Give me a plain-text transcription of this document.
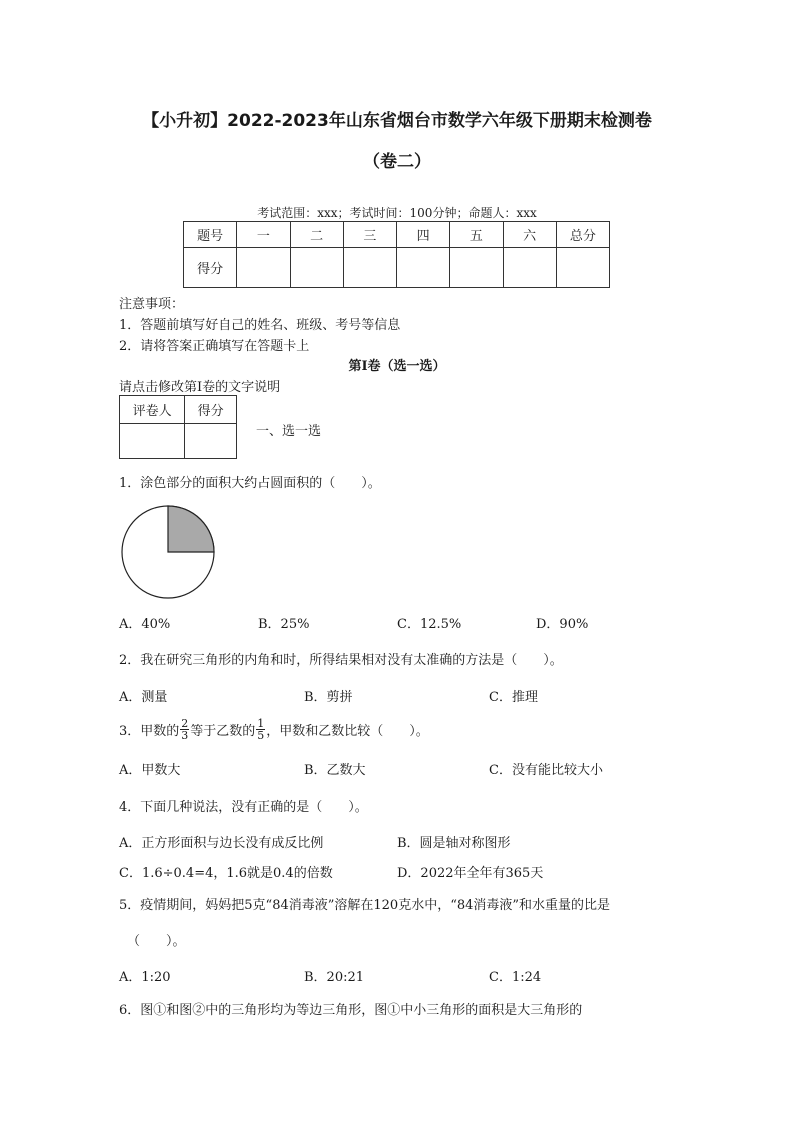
【小升初】2022-2023年山东省烟台市数学六年级下册期末检测卷
（卷二）
考试范围：xxx；考试时间：100分钟；命题人：xxx
题号	一	二	三	四	五	六	总分
得分							
注意事项：
1．答题前填写好自己的姓名、班级、考号等信息
2．请将答案正确填写在答题卡上
第I卷（选一选）
请点击修改第I卷的文字说明
评卷人	得分

一、选一选
1．涂色部分的面积大约占圆面积的（　　）。
A．40%	B．25%	C．12.5%	D．90%
2．我在研究三角形的内角和时，所得结果相对没有太准确的方法是（　　）。
A．测量	B．剪拼	C．推理
3．甲数的 $\frac{2}{3}$ 等于乙数的 $\frac{1}{5}$ ，甲数和乙数比较（　　）。
A．甲数大	B．乙数大	C．没有能比较大小
4．下面几种说法，没有正确的是（　　）。
A．正方形面积与边长没有成反比例	B．圆是轴对称图形
C．1.6÷0.4=4，1.6就是0.4的倍数	D．2022年全年有365天
5．疫情期间，妈妈把5克“84消毒液”溶解在120克水中，“84消毒液”和水重量的比是
（　　）。
A．1:20	B．20:21	C．1:24
6．图①和图②中的三角形均为等边三角形，图①中小三角形的面积是大三角形的
